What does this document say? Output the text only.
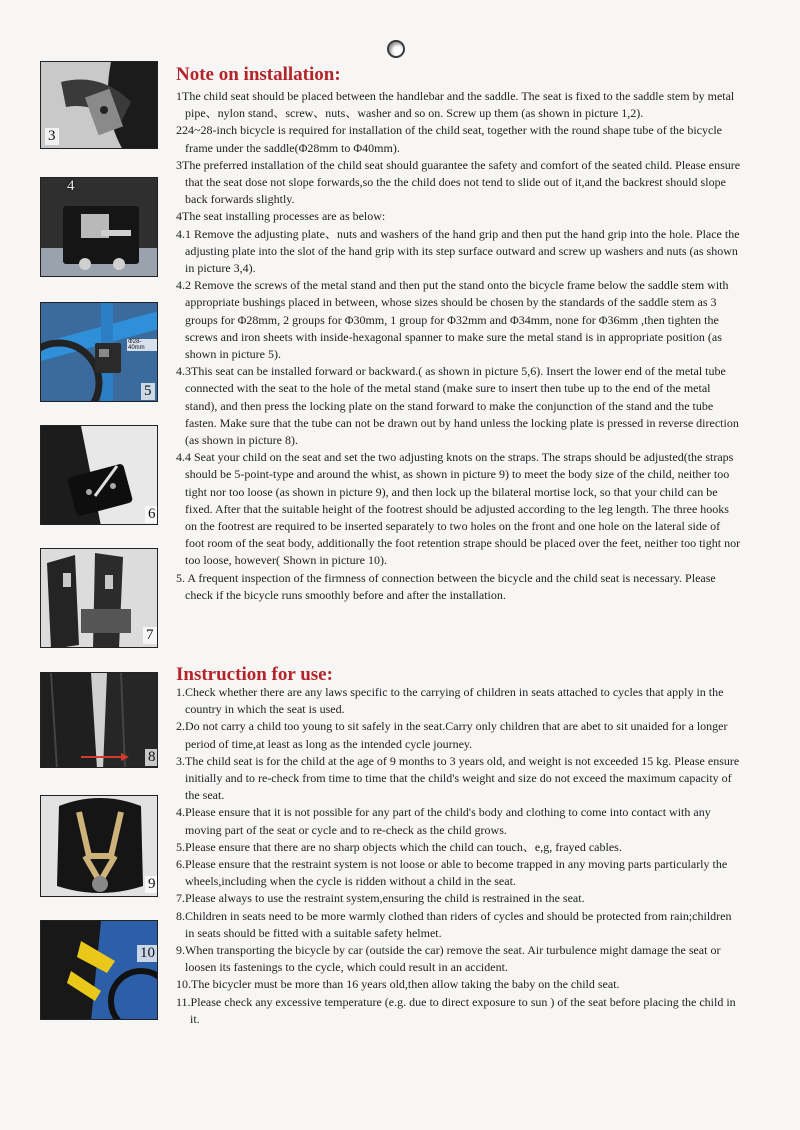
3
4
Φ28-40mm
5
6
7
8
9
10
Note on installation:

1The child seat should be placed between the handlebar and the saddle. The seat is fixed to the saddle stem by metal pipe、nylon stand、screw、nuts、washer and so on. Screw up them (as shown in picture 1,2).

224~28-inch bicycle is required for installation of the child seat, together with the round shape tube of the bicycle frame under the saddle(Φ28mm to Φ40mm).

3The preferred installation of the child seat should guarantee the safety and comfort of the seated child. Please ensure that the seat dose not slope forwards,so the the child does not tend to slide out of it,and the backrest should slope back forwards slightly.

4The seat installing processes are as below:

4.1 Remove the adjusting plate、nuts and washers of the hand grip and then put the hand grip into the hole. Place the adjusting plate into the slot of the hand grip with its step surface outward and screw up washers and nuts (as shown in picture 3,4).

4.2 Remove the screws of the metal stand and then put the stand onto the bicycle frame below the saddle stem with appropriate bushings placed in between, whose sizes should be chosen by the standards of the saddle stem as 3 groups for Φ28mm, 2 groups for Φ30mm, 1 group for Φ32mm and Φ34mm, none for Φ36mm ,then tighten the screws and iron sheets with inside-hexagonal spanner to make sure the metal stand is in appropriate position (as shown in picture 5).

4.3This seat can be installed forward or backward.( as shown in picture 5,6). Insert the lower end of the metal tube connected with the seat to the hole of the metal stand (make sure to insert then tube up to the end of the metal stand), and then press the locking plate on the stand forward to make the conjunction of the stand and the tube fasten. Make sure that the tube can not be drawn out by hand unless the locking plate is pressed in reverse direction (as shown in picture 8).

4.4 Seat your child on the seat and set the two adjusting knots on the straps. The straps should be adjusted(the straps should be 5-point-type and around the whist, as shown in picture 9) to meet the body size of the child, neither too tight nor too loose (as shown in picture 9), and then lock up the bilateral mortise lock, so that your child can be fixed. After that the suitable height of the footrest should be adjusted according to the leg length. The three hooks on the footrest are required to be inserted separately to two holes on the front and one hole on the lateral side of foot room of the seat body, additionally the foot retention strape should be placed over the feet, neither too tight nor too loose, however( Shown in picture 10).

5. A frequent inspection of the firmness of connection between the bicycle and the child seat is necessary. Please check if the bicycle runs smoothly before and after the installation.

Instruction for use:

1.Check whether there are any laws specific to the carrying of children in seats attached to cycles that apply in the country in which the seat is used.

2.Do not carry a child too young to sit safely in the seat.Carry only children that are abet to sit unaided for a longer period of time,at least as long as the intended cycle journey.

3.The child seat is for the child at the age of 9 months to 3 years old, and weight is not exceeded 15 kg. Please ensure initially and to re-check from time to time that the child's weight and size do not exceed the maximum capacity of the seat.

4.Please ensure that it is not possible for any part of the child's body and clothing to come into contact with any moving part of the seat or cycle and to re-check as the child grows.

5.Please ensure that there are no sharp objects which the child can touch、e,g, frayed cables.

6.Please ensure that the restraint system is not loose or able to become trapped in any moving parts particularly the wheels,including when the cycle is ridden without a child in the seat.

7.Please always to use the restraint system,ensuring the child is restrained in the seat.

8.Children in seats need to be more warmly clothed than riders of cycles and should be protected from rain;children in seats should be fitted with a suitable safety helmet.

9.When transporting the bicycle by car (outside the car) remove the seat. Air turbulence might damage the seat or loosen its fastenings to the cycle, which could result in an accident.

10.The bicycler must be more than 16 years old,then allow taking the baby on the child seat.

11.Please check any excessive temperature (e.g. due to direct exposure to sun ) of the seat before placing the child in it.
